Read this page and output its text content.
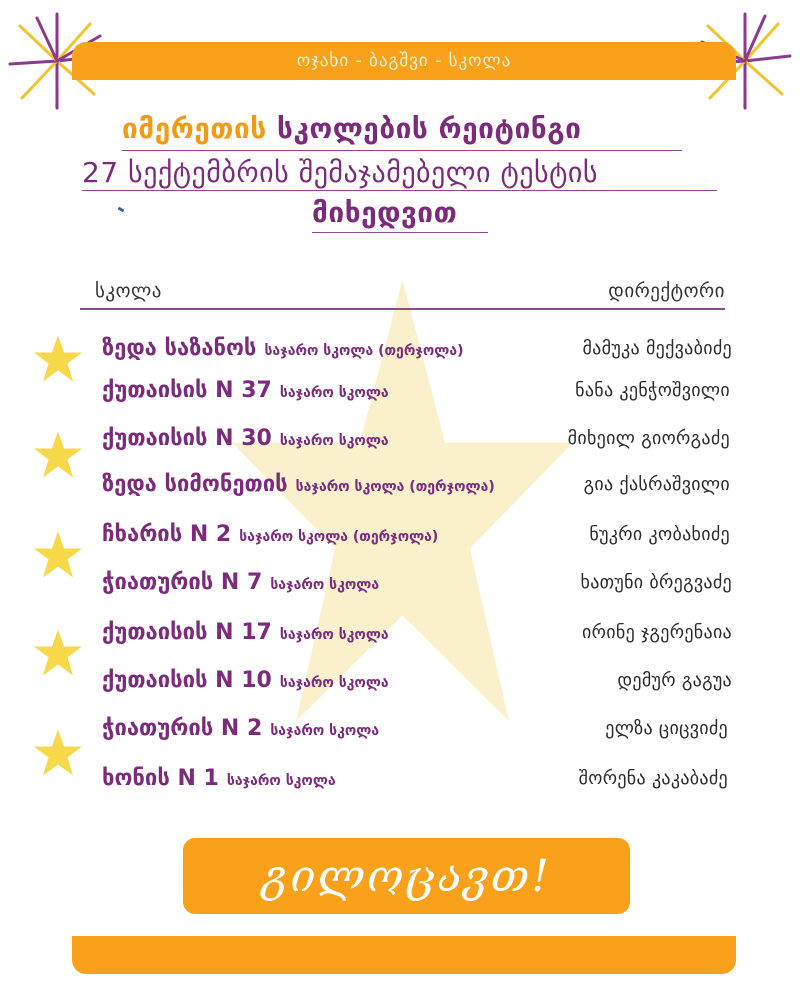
ოჯახი - ბაგშვი - სკოლა
იმერეთის სკოლების რეიტინგი
27 სექტემბრის შემაჯამებელი ტესტის
მიხედვით
სკოლა	დირექტორი
ზედა საზანოს საჯარო სკოლა (თერჯოლა)	მამუკა მექვაბიძე
ქუთაისის N 37 საჯარო სკოლა	ნანა კენჭოშვილი
ქუთაისის N 30 საჯარო სკოლა	მიხეილ გიორგაძე
ზედა სიმონეთის საჯარო სკოლა (თერჯოლა)	გია ქასრაშვილი
ჩხარის N 2 საჯარო სკოლა (თერჯოლა)	ნუკრი კობახიძე
ჭიათურის N 7 საჯარო სკოლა	ხათუნი ბრეგვაძე
ქუთაისის N 17 საჯარო სკოლა	ირინე ჯგერენაია
ქუთაისის N 10 საჯარო სკოლა	დემურ გაგუა
ჭიათურის N 2 საჯარო სკოლა	ელზა ციცვიძე
ხონის N 1 საჯარო სკოლა	შორენა კაკაბაძე
გილოცავთ!
